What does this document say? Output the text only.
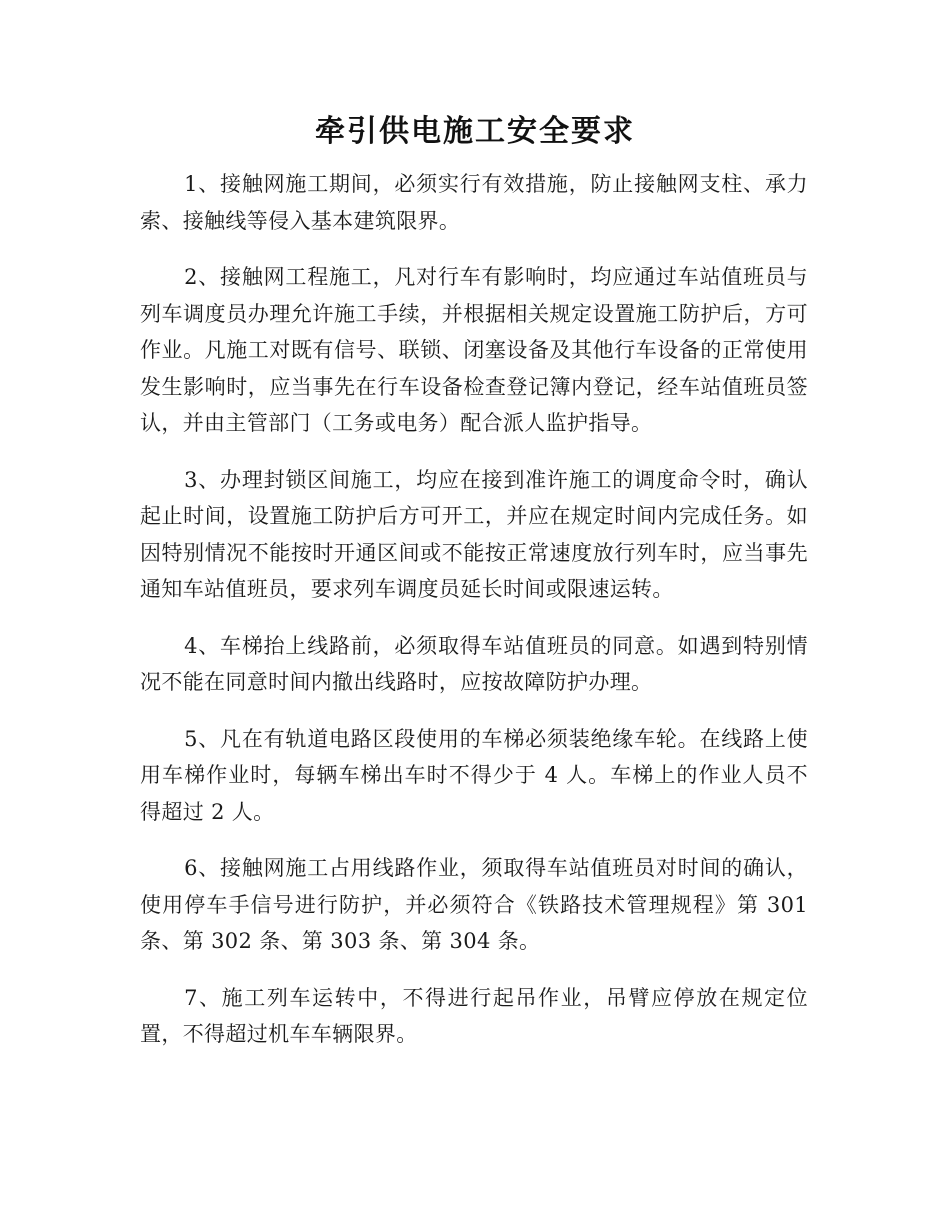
牵引供电施工安全要求

1、接触网施工期间，必须实行有效措施，防止接触网支柱、承力索、接触线等侵入基本建筑限界。

2、接触网工程施工，凡对行车有影响时，均应通过车站值班员与列车调度员办理允许施工手续，并根据相关规定设置施工防护后，方可作业。凡施工对既有信号、联锁、闭塞设备及其他行车设备的正常使用发生影响时，应当事先在行车设备检查登记簿内登记，经车站值班员签认，并由主管部门（工务或电务）配合派人监护指导。

3、办理封锁区间施工，均应在接到准许施工的调度命令时，确认起止时间，设置施工防护后方可开工，并应在规定时间内完成任务。如因特别情况不能按时开通区间或不能按正常速度放行列车时，应当事先通知车站值班员，要求列车调度员延长时间或限速运转。

4、车梯抬上线路前，必须取得车站值班员的同意。如遇到特别情况不能在同意时间内撤出线路时，应按故障防护办理。

5、凡在有轨道电路区段使用的车梯必须装绝缘车轮。在线路上使用车梯作业时，每辆车梯出车时不得少于 4 人。车梯上的作业人员不得超过 2 人。

6、接触网施工占用线路作业，须取得车站值班员对时间的确认，使用停车手信号进行防护，并必须符合《铁路技术管理规程》第 301 条、第 302 条、第 303 条、第 304 条。

7、施工列车运转中，不得进行起吊作业，吊臂应停放在规定位置，不得超过机车车辆限界。
